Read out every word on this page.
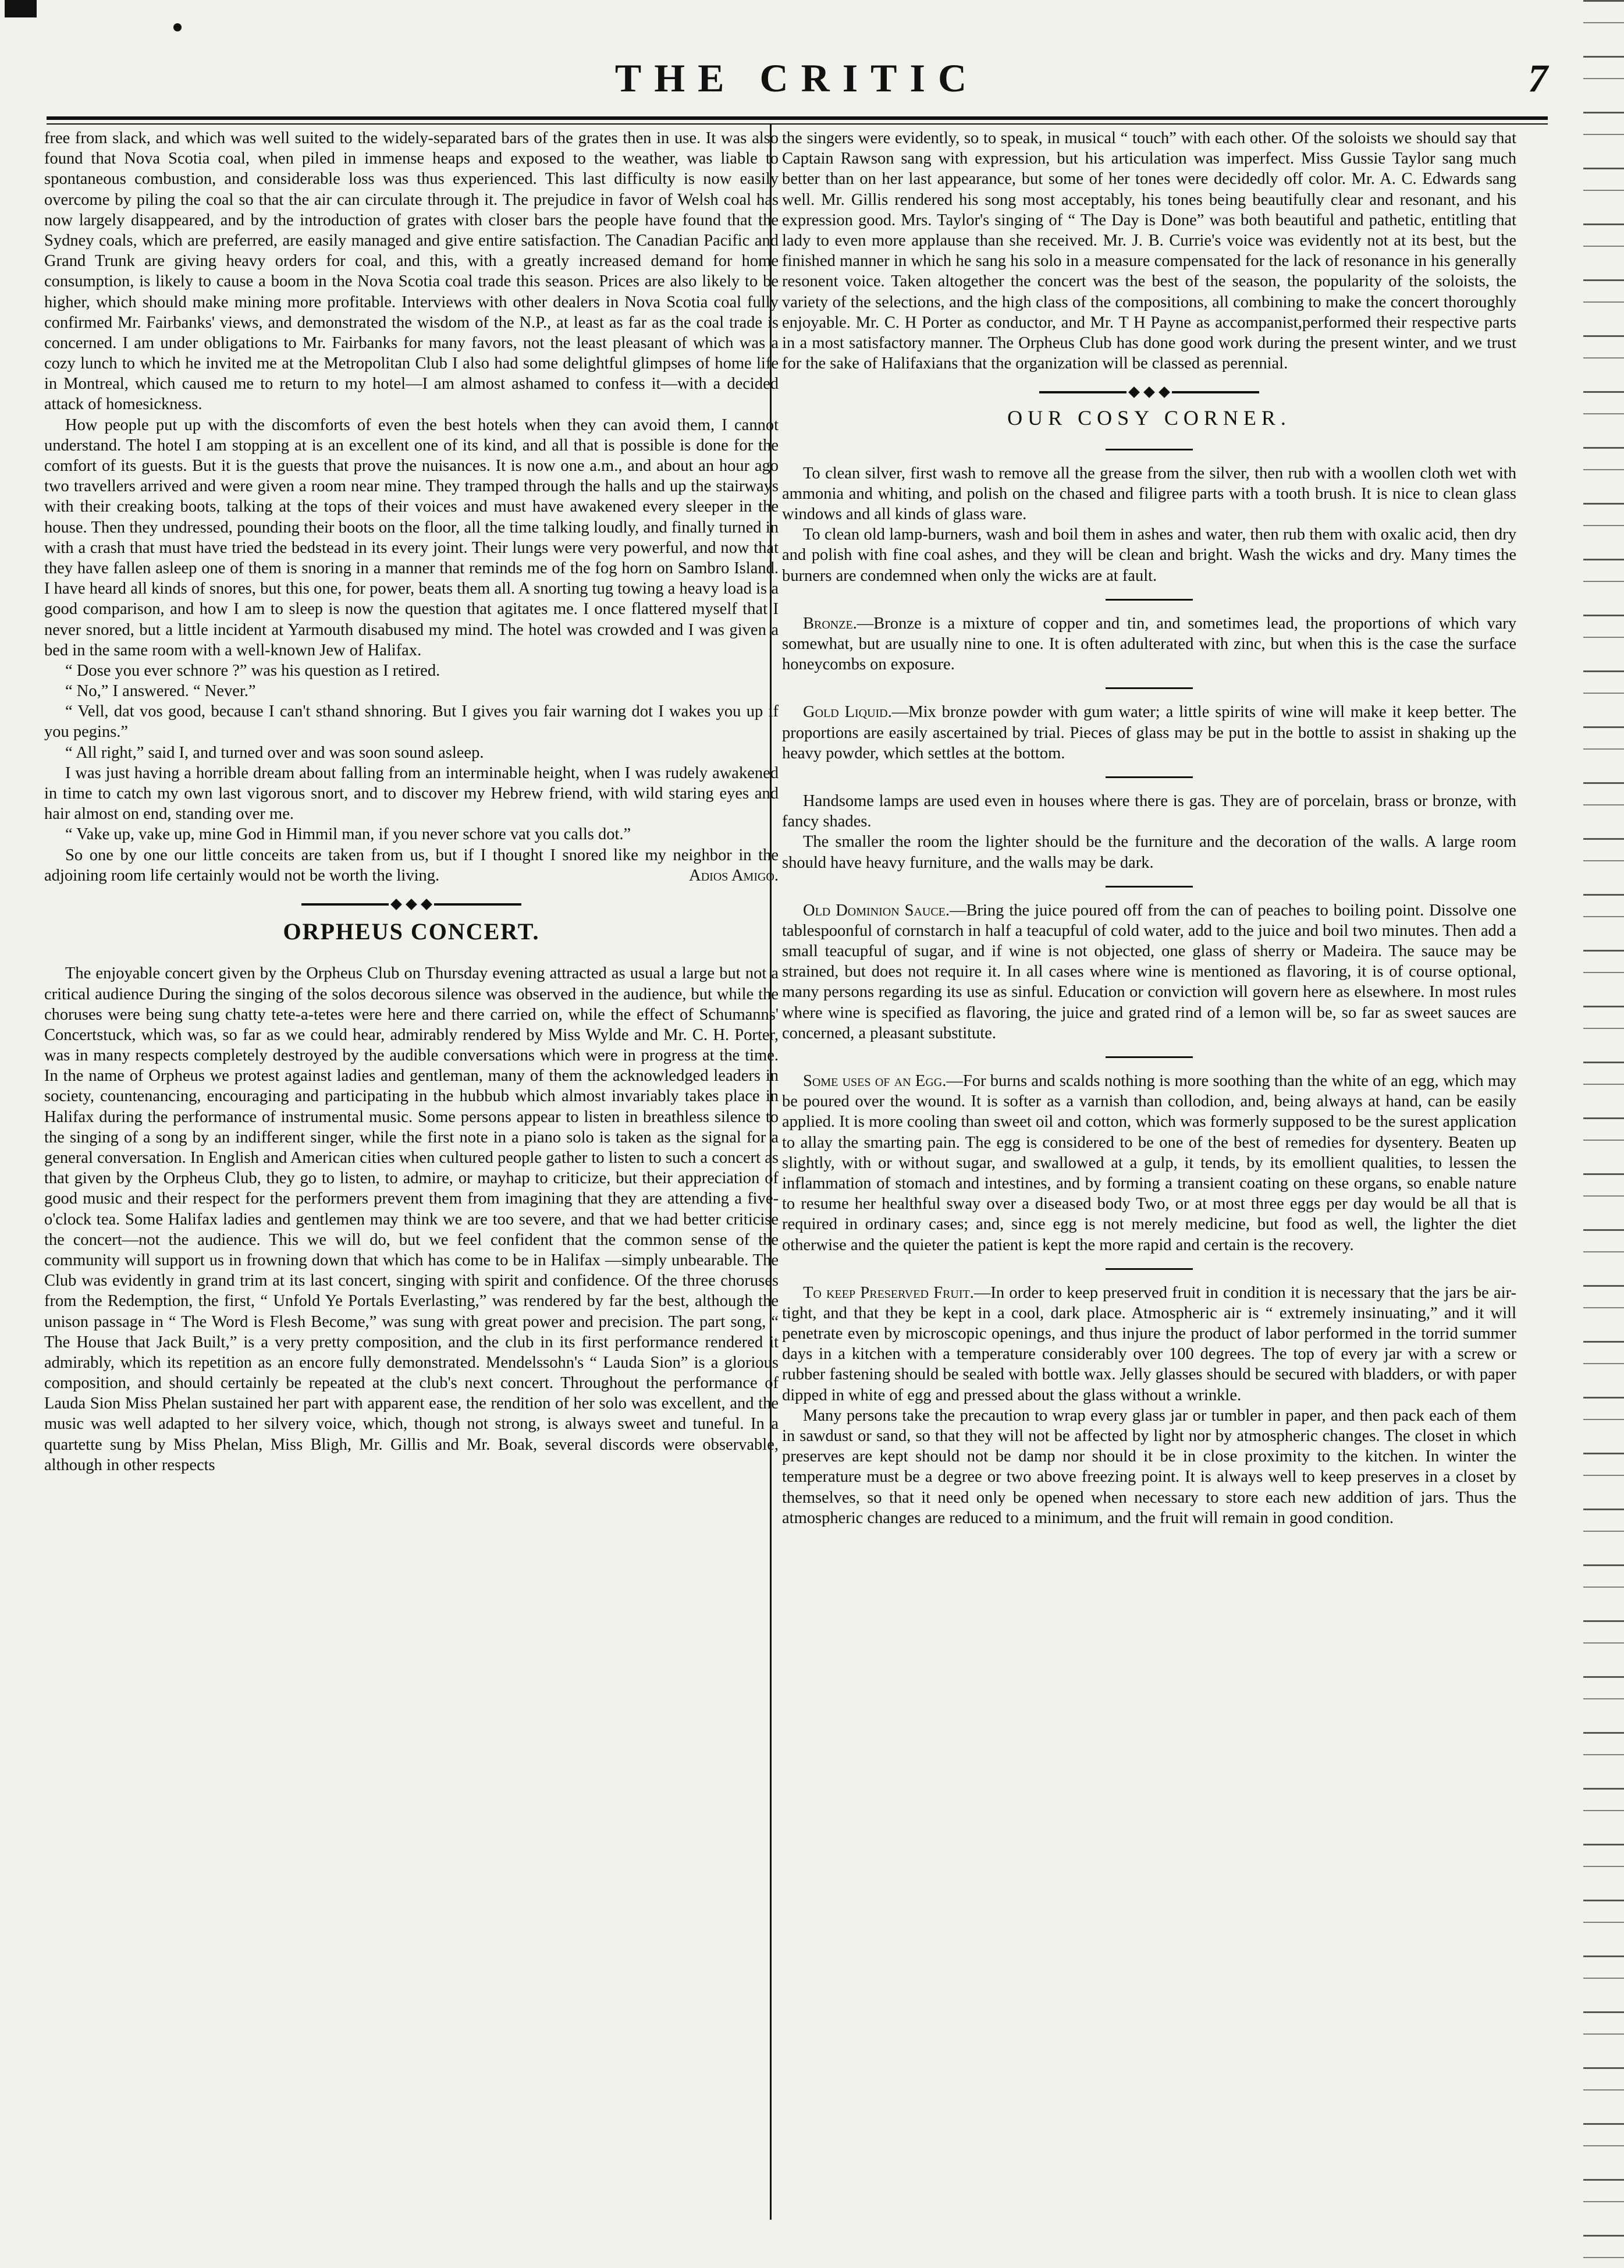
THE CRITIC	7

free from slack, and which was well suited to the widely-separated bars of the grates then in use. It was also found that Nova Scotia coal, when piled in immense heaps and exposed to the weather, was liable to spontaneous combustion, and considerable loss was thus experienced. This last difficulty is now easily overcome by piling the coal so that the air can circulate through it. The prejudice in favor of Welsh coal has now largely disappeared, and by the introduction of grates with closer bars the people have found that the Sydney coals, which are preferred, are easily managed and give entire satisfaction. The Canadian Pacific and Grand Trunk are giving heavy orders for coal, and this, with a greatly increased demand for home consumption, is likely to cause a boom in the Nova Scotia coal trade this season. Prices are also likely to be higher, which should make mining more profitable. Interviews with other dealers in Nova Scotia coal fully confirmed Mr. Fairbanks' views, and demonstrated the wisdom of the N.P., at least as far as the coal trade is concerned. I am under obligations to Mr. Fairbanks for many favors, not the least pleasant of which was a cozy lunch to which he invited me at the Metropolitan Club I also had some delightful glimpses of home life in Montreal, which caused me to return to my hotel—I am almost ashamed to confess it—with a decided attack of homesickness.

How people put up with the discomforts of even the best hotels when they can avoid them, I cannot understand. The hotel I am stopping at is an excellent one of its kind, and all that is possible is done for the comfort of its guests. But it is the guests that prove the nuisances. It is now one a.m., and about an hour ago two travellers arrived and were given a room near mine. They tramped through the halls and up the stairways with their creaking boots, talking at the tops of their voices and must have awakened every sleeper in the house. Then they undressed, pounding their boots on the floor, all the time talking loudly, and finally turned in with a crash that must have tried the bedstead in its every joint. Their lungs were very powerful, and now that they have fallen asleep one of them is snoring in a manner that reminds me of the fog horn on Sambro Island. I have heard all kinds of snores, but this one, for power, beats them all. A snorting tug towing a heavy load is a good comparison, and how I am to sleep is now the question that agitates me. I once flattered myself that I never snored, but a little incident at Yarmouth disabused my mind. The hotel was crowded and I was given a bed in the same room with a well-known Jew of Halifax.

“ Dose you ever schnore ?” was his question as I retired.

“ No,” I answered. “ Never.”

“ Vell, dat vos good, because I can't sthand shnoring. But I gives you fair warning dot I wakes you up if you pegins.”

“ All right,” said I, and turned over and was soon sound asleep.

I was just having a horrible dream about falling from an interminable height, when I was rudely awakened in time to catch my own last vigorous snort, and to discover my Hebrew friend, with wild staring eyes and hair almost on end, standing over me.

“ Vake up, vake up, mine God in Himmil man, if you never schore vat you calls dot.”

So one by one our little conceits are taken from us, but if I thought I snored like my neighbor in the adjoining room life certainly would not be worth the living.	Adios Amigo.

ORPHEUS CONCERT.

The enjoyable concert given by the Orpheus Club on Thursday evening attracted as usual a large but not a critical audience During the singing of the solos decorous silence was observed in the audience, but while the choruses were being sung chatty tete-a-tetes were here and there carried on, while the effect of Schumanns' Concertstuck, which was, so far as we could hear, admirably rendered by Miss Wylde and Mr. C. H. Porter, was in many respects completely destroyed by the audible conversations which were in progress at the time. In the name of Orpheus we protest against ladies and gentleman, many of them the acknowledged leaders in society, countenancing, encouraging and participating in the hubbub which almost invariably takes place in Halifax during the performance of instrumental music. Some persons appear to listen in breathless silence to the singing of a song by an indifferent singer, while the first note in a piano solo is taken as the signal for a general conversation. In English and American cities when cultured people gather to listen to such a concert as that given by the Orpheus Club, they go to listen, to admire, or mayhap to criticize, but their appreciation of good music and their respect for the performers prevent them from imagining that they are attending a five-o'clock tea. Some Halifax ladies and gentlemen may think we are too severe, and that we had better criticise the concert—not the audience. This we will do, but we feel confident that the common sense of the community will support us in frowning down that which has come to be in Halifax —simply unbearable. The Club was evidently in grand trim at its last concert, singing with spirit and confidence. Of the three choruses from the Redemption, the first, “ Unfold Ye Portals Everlasting,” was rendered by far the best, although the unison passage in “ The Word is Flesh Become,” was sung with great power and precision. The part song, “ The House that Jack Built,” is a very pretty composition, and the club in its first performance rendered it admirably, which its repetition as an encore fully demonstrated. Mendelssohn's “ Lauda Sion” is a glorious composition, and should certainly be repeated at the club's next concert. Throughout the performance of Lauda Sion Miss Phelan sustained her part with apparent ease, the rendition of her solo was excellent, and the music was well adapted to her silvery voice, which, though not strong, is always sweet and tuneful. In a quartette sung by Miss Phelan, Miss Bligh, Mr. Gillis and Mr. Boak, several discords were observable, although in other respects

the singers were evidently, so to speak, in musical “ touch” with each other. Of the soloists we should say that Captain Rawson sang with expression, but his articulation was imperfect. Miss Gussie Taylor sang much better than on her last appearance, but some of her tones were decidedly off color. Mr. A. C. Edwards sang well. Mr. Gillis rendered his song most acceptably, his tones being beautifully clear and resonant, and his expression good. Mrs. Taylor's singing of “ The Day is Done” was both beautiful and pathetic, entitling that lady to even more applause than she received. Mr. J. B. Currie's voice was evidently not at its best, but the finished manner in which he sang his solo in a measure compensated for the lack of resonance in his generally resonent voice. Taken altogether the concert was the best of the season, the popularity of the soloists, the variety of the selections, and the high class of the compositions, all combining to make the concert thoroughly enjoyable. Mr. C. H Porter as conductor, and Mr. T H Payne as accompanist,performed their respective parts in a most satisfactory manner. The Orpheus Club has done good work during the present winter, and we trust for the sake of Halifaxians that the organization will be classed as perennial.

OUR COSY CORNER.

To clean silver, first wash to remove all the grease from the silver, then rub with a woollen cloth wet with ammonia and whiting, and polish on the chased and filigree parts with a tooth brush. It is nice to clean glass windows and all kinds of glass ware.

To clean old lamp-burners, wash and boil them in ashes and water, then rub them with oxalic acid, then dry and polish with fine coal ashes, and they will be clean and bright. Wash the wicks and dry. Many times the burners are condemned when only the wicks are at fault.

Bronze.—Bronze is a mixture of copper and tin, and sometimes lead, the proportions of which vary somewhat, but are usually nine to one. It is often adulterated with zinc, but when this is the case the surface honeycombs on exposure.

Gold Liquid.—Mix bronze powder with gum water; a little spirits of wine will make it keep better. The proportions are easily ascertained by trial. Pieces of glass may be put in the bottle to assist in shaking up the heavy powder, which settles at the bottom.

Handsome lamps are used even in houses where there is gas. They are of porcelain, brass or bronze, with fancy shades.

The smaller the room the lighter should be the furniture and the decoration of the walls. A large room should have heavy furniture, and the walls may be dark.

Old Dominion Sauce.—Bring the juice poured off from the can of peaches to boiling point. Dissolve one tablespoonful of cornstarch in half a teacupful of cold water, add to the juice and boil two minutes. Then add a small teacupful of sugar, and if wine is not objected, one glass of sherry or Madeira. The sauce may be strained, but does not require it. In all cases where wine is mentioned as flavoring, it is of course optional, many persons regarding its use as sinful. Education or conviction will govern here as elsewhere. In most rules where wine is specified as flavoring, the juice and grated rind of a lemon will be, so far as sweet sauces are concerned, a pleasant substitute.

Some uses of an Egg.—For burns and scalds nothing is more soothing than the white of an egg, which may be poured over the wound. It is softer as a varnish than collodion, and, being always at hand, can be easily applied. It is more cooling than sweet oil and cotton, which was formerly supposed to be the surest application to allay the smarting pain. The egg is considered to be one of the best of remedies for dysentery. Beaten up slightly, with or without sugar, and swallowed at a gulp, it tends, by its emollient qualities, to lessen the inflammation of stomach and intestines, and by forming a transient coating on these organs, so enable nature to resume her healthful sway over a diseased body Two, or at most three eggs per day would be all that is required in ordinary cases; and, since egg is not merely medicine, but food as well, the lighter the diet otherwise and the quieter the patient is kept the more rapid and certain is the recovery.

To keep Preserved Fruit.—In order to keep preserved fruit in condition it is necessary that the jars be air-tight, and that they be kept in a cool, dark place. Atmospheric air is “ extremely insinuating,” and it will penetrate even by microscopic openings, and thus injure the product of labor performed in the torrid summer days in a kitchen with a temperature considerably over 100 degrees. The top of every jar with a screw or rubber fastening should be sealed with bottle wax. Jelly glasses should be secured with bladders, or with paper dipped in white of egg and pressed about the glass without a wrinkle.

Many persons take the precaution to wrap every glass jar or tumbler in paper, and then pack each of them in sawdust or sand, so that they will not be affected by light nor by atmospheric changes. The closet in which preserves are kept should not be damp nor should it be in close proximity to the kitchen. In winter the temperature must be a degree or two above freezing point. It is always well to keep preserves in a closet by themselves, so that it need only be opened when necessary to store each new addition of jars. Thus the atmospheric changes are reduced to a minimum, and the fruit will remain in good condition.
